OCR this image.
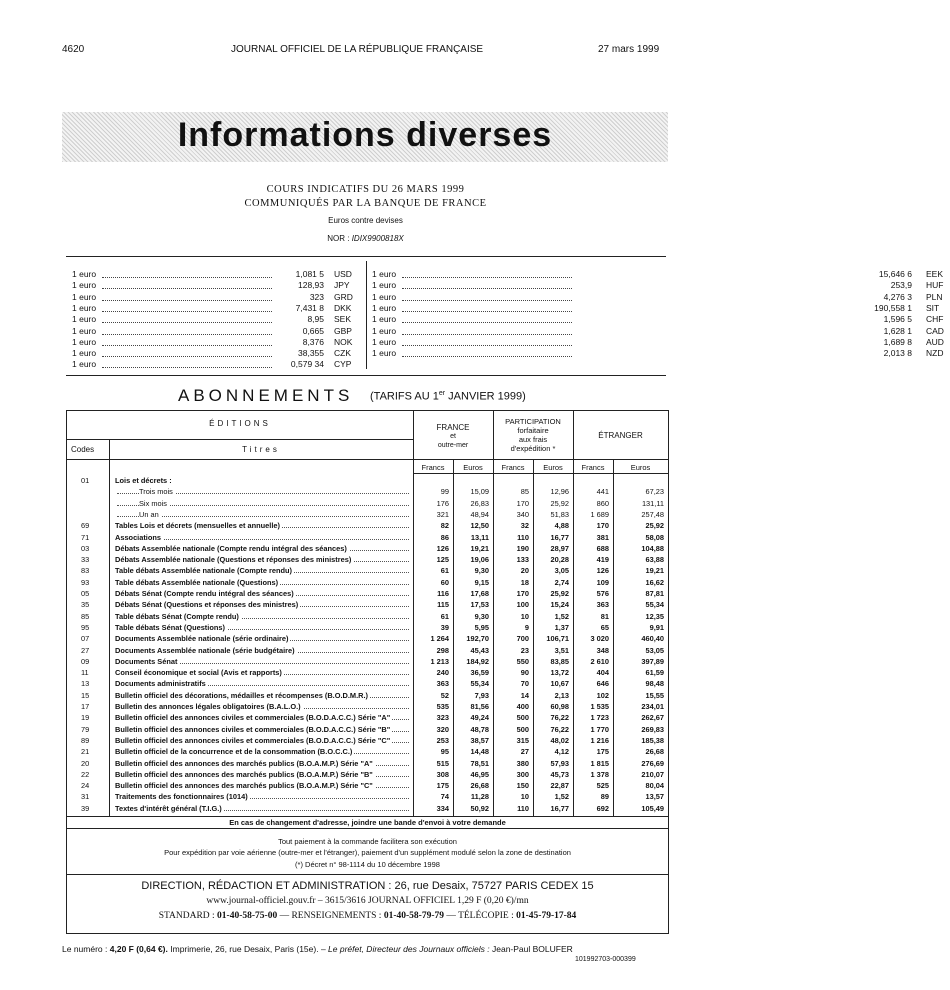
4620	JOURNAL OFFICIEL DE LA RÉPUBLIQUE FRANÇAISE	27 mars 1999
Informations diverses
COURS INDICATIFS DU 26 MARS 1999
COMMUNIQUÉS PAR LA BANQUE DE FRANCE
Euros contre devises
NOR : IDIX9900818X
1 euro	1,081 5 USD
1 euro	128,93 JPY
1 euro	323 GRD
1 euro	7,431 8 DKK
1 euro	8,95 SEK
1 euro	0,665 GBP
1 euro	8,376 NOK
1 euro	38,355 CZK
1 euro	0,579 34 CYP
1 euro	15,646 6 EEK
1 euro	253,9 HUF
1 euro	4,276 3 PLN
1 euro	190,558 1 SIT
1 euro	1,596 5 CHF
1 euro	1,628 1 CAD
1 euro	1,689 8 AUD
1 euro	2,013 8 NZD
ABONNEMENTS (TARIFS AU 1er JANVIER 1999)
ÉDITIONS
Codes	Titres
FRANCE
et
outre-mer
PARTICIPATION
forfaitaire
aux frais
d'expédition *
ÉTRANGER
Francs	Euros	Francs	Euros	Francs	Euros
01	Lois et décrets :
Trois mois	99	15,09	85	12,96	441	67,23
Six mois	176	26,83	170	25,92	860	131,11
Un an	321	48,94	340	51,83	1 689	257,48
69	Tables Lois et décrets (mensuelles et annuelle)	82	12,50	32	4,88	170	25,92
71	Associations	86	13,11	110	16,77	381	58,08
03	Débats Assemblée nationale (Compte rendu intégral des séances)	126	19,21	190	28,97	688	104,88
33	Débats Assemblée nationale (Questions et réponses des ministres)	125	19,06	133	20,28	419	63,88
83	Table débats Assemblée nationale (Compte rendu)	61	9,30	20	3,05	126	19,21
93	Table débats Assemblée nationale (Questions)	60	9,15	18	2,74	109	16,62
05	Débats Sénat (Compte rendu intégral des séances)	116	17,68	170	25,92	576	87,81
35	Débats Sénat (Questions et réponses des ministres)	115	17,53	100	15,24	363	55,34
85	Table débats Sénat (Compte rendu)	61	9,30	10	1,52	81	12,35
95	Table débats Sénat (Questions)	39	5,95	9	1,37	65	9,91
07	Documents Assemblée nationale (série ordinaire)	1 264	192,70	700	106,71	3 020	460,40
27	Documents Assemblée nationale (série budgétaire)	298	45,43	23	3,51	348	53,05
09	Documents Sénat	1 213	184,92	550	83,85	2 610	397,89
11	Conseil économique et social (Avis et rapports)	240	36,59	90	13,72	404	61,59
13	Documents administratifs	363	55,34	70	10,67	646	98,48
15	Bulletin officiel des décorations, médailles et récompenses (B.O.D.M.R.)	52	7,93	14	2,13	102	15,55
17	Bulletin des annonces légales obligatoires (B.A.L.O.)	535	81,56	400	60,98	1 535	234,01
19	Bulletin officiel des annonces civiles et commerciales (B.O.D.A.C.C.) Série "A"	323	49,24	500	76,22	1 723	262,67
79	Bulletin officiel des annonces civiles et commerciales (B.O.D.A.C.C.) Série "B"	320	48,78	500	76,22	1 770	269,83
89	Bulletin officiel des annonces civiles et commerciales (B.O.D.A.C.C.) Série "C"	253	38,57	315	48,02	1 216	185,38
21	Bulletin officiel de la concurrence et de la consommation (B.O.C.C.)	95	14,48	27	4,12	175	26,68
20	Bulletin officiel des annonces des marchés publics (B.O.A.M.P.) Série "A"	515	78,51	380	57,93	1 815	276,69
22	Bulletin officiel des annonces des marchés publics (B.O.A.M.P.) Série "B"	308	46,95	300	45,73	1 378	210,07
24	Bulletin officiel des annonces des marchés publics (B.O.A.M.P.) Série "C"	175	26,68	150	22,87	525	80,04
31	Traitements des fonctionnaires (1014)	74	11,28	10	1,52	89	13,57
39	Textes d'intérêt général (T.I.G.)	334	50,92	110	16,77	692	105,49
En cas de changement d'adresse, joindre une bande d'envoi à votre demande
Tout paiement à la commande facilitera son exécution
Pour expédition par voie aérienne (outre-mer et l'étranger), paiement d'un supplément modulé selon la zone de destination
(*) Décret n° 98-1114 du 10 décembre 1998
DIRECTION, RÉDACTION ET ADMINISTRATION : 26, rue Desaix, 75727 PARIS CEDEX 15
www.journal-officiel.gouv.fr – 3615/3616 JOURNAL OFFICIEL 1,29 F (0,20 €)/mn
STANDARD : 01-40-58-75-00 — RENSEIGNEMENTS : 01-40-58-79-79 — TÉLÉCOPIE : 01-45-79-17-84
Le numéro : 4,20 F (0,64 €). Imprimerie, 26, rue Desaix, Paris (15e). – Le préfet, Directeur des Journaux officiels : Jean-Paul BOLUFER
101992703-000399
